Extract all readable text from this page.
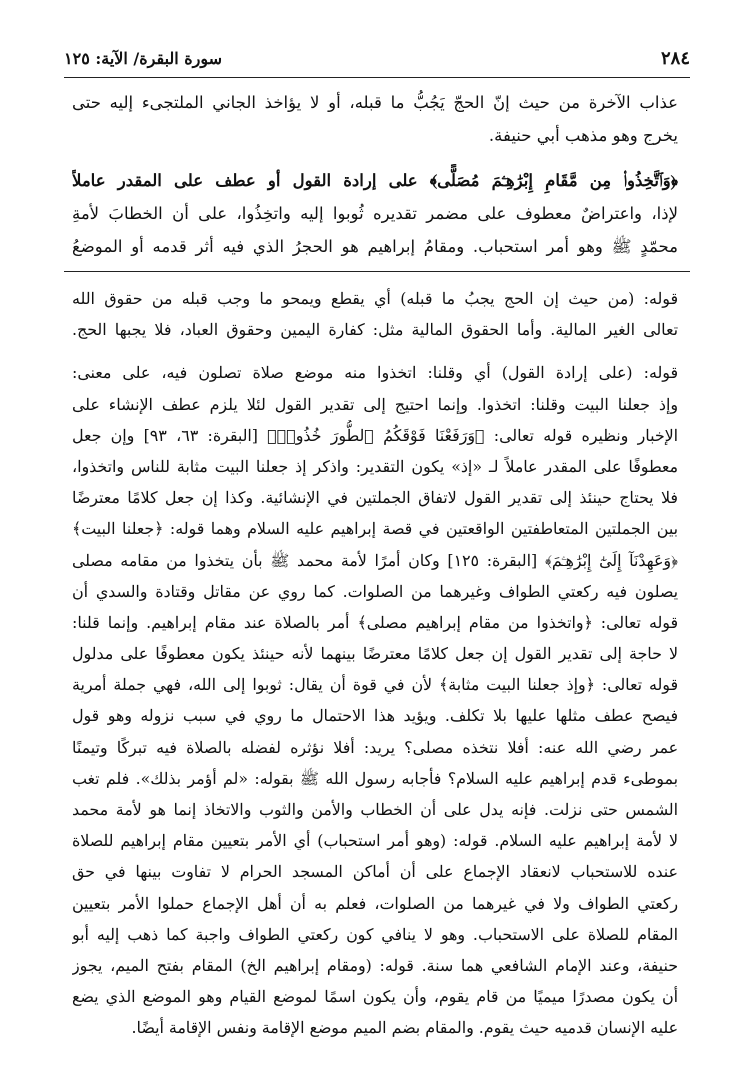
٢٨٤
سورة البقرة/ الآية: ١٢٥
عذاب الآخرة من حيث إنّ الحجّ يَجُبُّ ما قبله، أو لا يؤاخذ الجاني الملتجىء إليه حتى
يخرج وهو مذهب أبي حنيفة.
﴿وَٱتَّخِذُوا۟ مِن مَّقَامِ إِبْرَٰهِـۧمَ مُصَلًّى﴾ على إرادة القول أو عطف على المقدر عاملاً
لإذا، واعتراضٌ معطوف على مضمر تقديره ثُوبوا إليه واتخِذُوا، على أن الخطابَ لأمةِ
محمّدٍ ﷺ وهو أمر استحباب. ومقامُ إبراهيم هو الحجرُ الذي فيه أثر قدمه أو الموضعُ
قوله: (من حيث إن الحج يجبُ ما قبله) أي يقطع ويمحو ما وجب قبله من حقوق الله
تعالى الغير المالية. وأما الحقوق المالية مثل: كفارة اليمين وحقوق العباد، فلا يجبها الحج.
قوله: (على إرادة القول) أي وقلنا: اتخذوا منه موضع صلاة تصلون فيه، على معنى:
وإذ جعلنا البيت وقلنا: اتخذوا. وإنما احتيج إلى تقدير القول لئلا يلزم عطف الإنشاء على
الإخبار ونظيره قوله تعالى: ﴿وَرَفَعْنَا فَوْقَكُمُ ٱلطُّورَ خُذُوا۟﴾ [البقرة: ٦٣، ٩٣] وإن جعل
معطوفًا على المقدر عاملاً لـ «إذ» يكون التقدير: واذكر إذ جعلنا البيت مثابة للناس واتخذوا،
فلا يحتاج حينئذ إلى تقدير القول لاتفاق الجملتين في الإنشائية. وكذا إن جعل كلامًا معترضًا
بين الجملتين المتعاطفتين الواقعتين في قصة إبراهيم عليه السلام وهما قوله: ﴿جعلنا البيت﴾
﴿وَعَهِدْنَآ إِلَىٰٓ إِبْرَٰهِـۧمَ﴾ [البقرة: ١٢٥] وكان أمرًا لأمة محمد ﷺ بأن يتخذوا من مقامه مصلى
يصلون فيه ركعتي الطواف وغيرهما من الصلوات. كما روي عن مقاتل وقتادة والسدي أن
قوله تعالى: ﴿واتخذوا من مقام إبراهيم مصلى﴾ أمر بالصلاة عند مقام إبراهيم. وإنما قلنا:
لا حاجة إلى تقدير القول إن جعل كلامًا معترضًا بينهما لأنه حينئذ يكون معطوفًا على مدلول
قوله تعالى: ﴿وإذ جعلنا البيت مثابة﴾ لأن في قوة أن يقال: ثوبوا إلى الله، فهي جملة أمرية
فيصح عطف مثلها عليها بلا تكلف. ويؤيد هذا الاحتمال ما روي في سبب نزوله وهو قول
عمر رضي الله عنه: أفلا نتخذه مصلى؟ يريد: أفلا نؤثره لفضله بالصلاة فيه تبركًا وتيمنًا
بموطىء قدم إبراهيم عليه السلام؟ فأجابه رسول الله ﷺ بقوله: «لم أؤمر بذلك». فلم تغب
الشمس حتى نزلت. فإنه يدل على أن الخطاب والأمن والثوب والاتخاذ إنما هو لأمة محمد
لا لأمة إبراهيم عليه السلام. قوله: (وهو أمر استحباب) أي الأمر بتعيين مقام إبراهيم للصلاة
عنده للاستحباب لانعقاد الإجماع على أن أماكن المسجد الحرام لا تفاوت بينها في حق
ركعتي الطواف ولا في غيرهما من الصلوات، فعلم به أن أهل الإجماع حملوا الأمر بتعيين
المقام للصلاة على الاستحباب. وهو لا ينافي كون ركعتي الطواف واجبة كما ذهب إليه أبو
حنيفة، وعند الإمام الشافعي هما سنة. قوله: (ومقام إبراهيم الخ) المقام بفتح الميم، يجوز
أن يكون مصدرًا ميميًا من قام يقوم، وأن يكون اسمًا لموضع القيام وهو الموضع الذي يضع
عليه الإنسان قدميه حيث يقوم. والمقام بضم الميم موضع الإقامة ونفس الإقامة أيضًا.
